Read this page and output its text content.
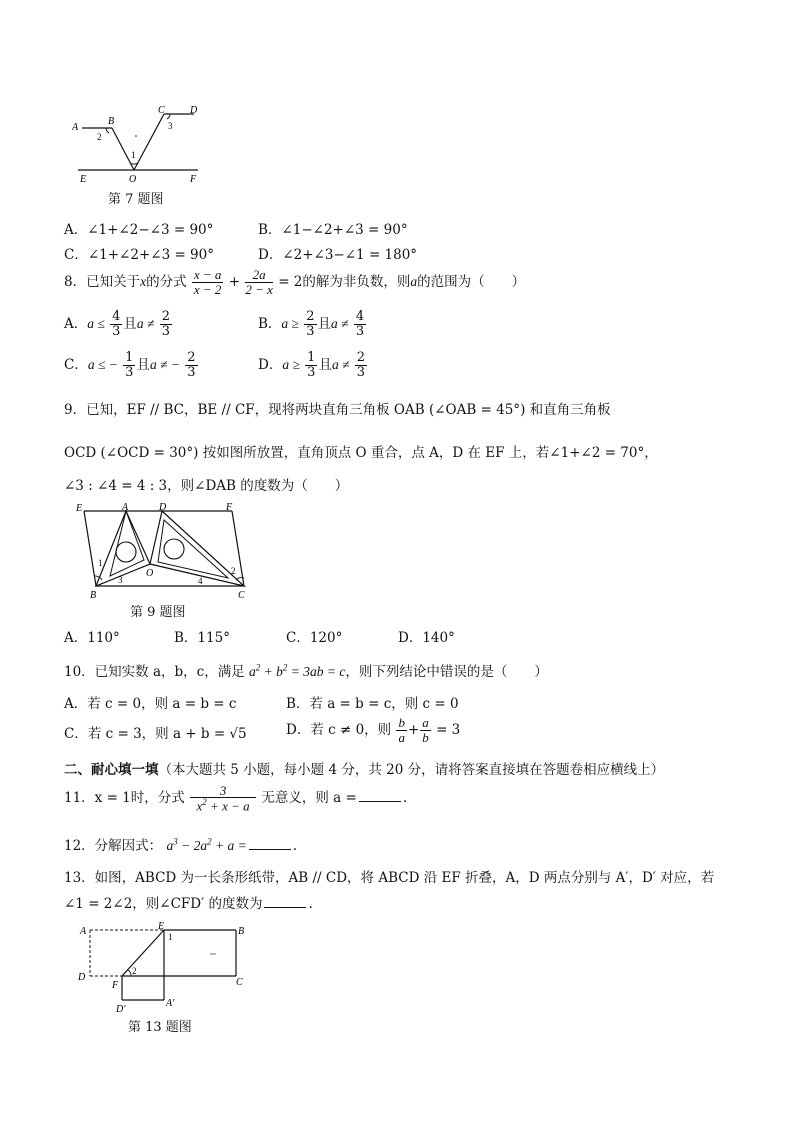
A
B
C	D
E	O	F
1
2
3
第 7 题图
A．∠1+∠2−∠3 = 90°	B．∠1−∠2+∠3 = 90°
C．∠1+∠2+∠3 = 90°	D．∠2+∠3−∠1 = 180°
8．已知关于x的分式 $\frac{x - a}{x - 2} + \frac{2a}{2 - x} = 2$的解为非负数，则a的范围为（　　）
A．$a \le \frac{4}{3}$ 且$a \ne \frac{2}{3}$	B．$a \ge \frac{2}{3}$ 且$a \ne \frac{4}{3}$
C．a ≤ − $\frac{1}{3}$ 且a ≠ − $\frac{2}{3}$	D．$a \ge \frac{1}{3}$ 且$a \ne \frac{2}{3}$
9．已知，EF // BC，BE // CF，现将两块直角三角板 OAB (∠OAB = 45°) 和直角三角板
OCD (∠OCD = 30°) 按如图所放置，直角顶点 O 重合，点 A，D 在 EF 上，若∠1+∠2 = 70°，
∠3 : ∠4 = 4 : 3，则∠DAB 的度数为（　　）
E	A	D	F
B
O
C
1
2
3	4
第 9 题图
A．110°	B．115°	C．120°	D．140°
10．已知实数 a，b，c，满足 $a^2 + b^2 = 3ab = c$，则下列结论中错误的是（　　）
A．若 c = 0，则 a = b = c	B．若 a = b = c，则 c = 0
C．若 c = 3，则 a + b = √5	D．若 c ≠ 0，则 $\frac{b}{a} + \frac{a}{b} = 3$
二、耐心填一填（本大题共 5 小题，每小题 4 分，共 20 分，请将答案直接填在答题卷相应横线上）
11．x = 1时，分式 $\frac{3}{x^2 + x - a}$ 无意义，则 a =	.
12．分解因式： $a^3 - 2a^2 + a$ =	.
13．如图，ABCD 为一长条形纸带，AB // CD，将 ABCD 沿 EF 折叠，A，D 两点分别与 A′，D′ 对应，若
∠1 = 2∠2，则∠CFD′ 的度数为	.
A	E	B
1
D
2
C
F
D′
A′
第 13 题图
